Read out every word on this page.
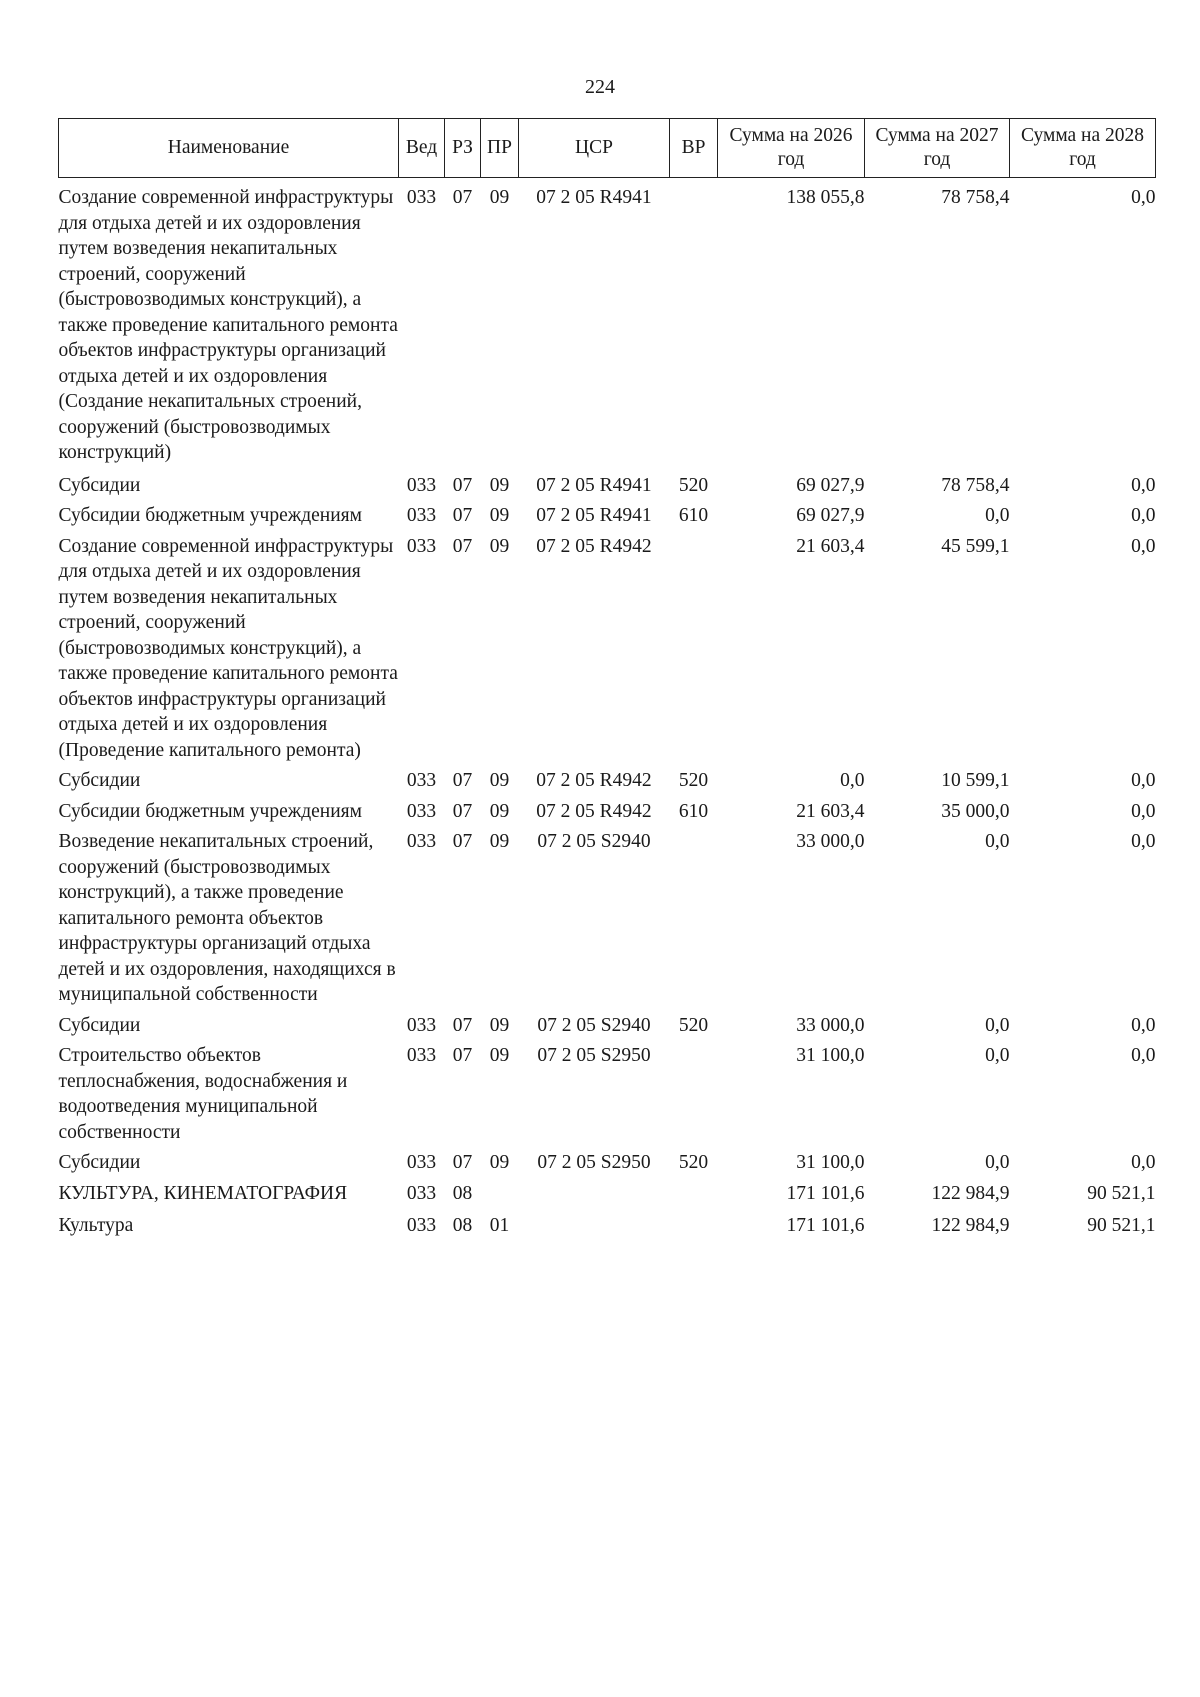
224
Наименование	Вед	РЗ	ПР	ЦСР	ВР	Сумма на 2026 год	Сумма на 2027 год	Сумма на 2028 год
Создание современной инфраструктуры для отдыха детей и их оздоровления путем возведения некапитальных строений, сооружений (быстровозводимых конструкций), а также проведение капитального ремонта объектов инфраструктуры организаций отдыха детей и их оздоровления (Создание некапитальных строений, сооружений (быстровозводимых конструкций)	033	07	09	07 2 05 R4941		138 055,8	78 758,4	0,0
Субсидии	033	07	09	07 2 05 R4941	520	69 027,9	78 758,4	0,0
Субсидии бюджетным учреждениям	033	07	09	07 2 05 R4941	610	69 027,9	0,0	0,0
Создание современной инфраструктуры для отдыха детей и их оздоровления путем возведения некапитальных строений, сооружений (быстровозводимых конструкций), а также проведение капитального ремонта объектов инфраструктуры организаций отдыха детей и их оздоровления (Проведение капитального ремонта)	033	07	09	07 2 05 R4942		21 603,4	45 599,1	0,0
Субсидии	033	07	09	07 2 05 R4942	520	0,0	10 599,1	0,0
Субсидии бюджетным учреждениям	033	07	09	07 2 05 R4942	610	21 603,4	35 000,0	0,0
Возведение некапитальных строений, сооружений (быстровозводимых конструкций), а также проведение капитального ремонта объектов инфраструктуры организаций отдыха детей и их оздоровления, находящихся в муниципальной собственности	033	07	09	07 2 05 S2940		33 000,0	0,0	0,0
Субсидии	033	07	09	07 2 05 S2940	520	33 000,0	0,0	0,0
Строительство объектов теплоснабжения, водоснабжения и водоотведения муниципальной собственности	033	07	09	07 2 05 S2950		31 100,0	0,0	0,0
Субсидии	033	07	09	07 2 05 S2950	520	31 100,0	0,0	0,0
КУЛЬТУРА, КИНЕМАТОГРАФИЯ	033	08				171 101,6	122 984,9	90 521,1
Культура	033	08	01			171 101,6	122 984,9	90 521,1
